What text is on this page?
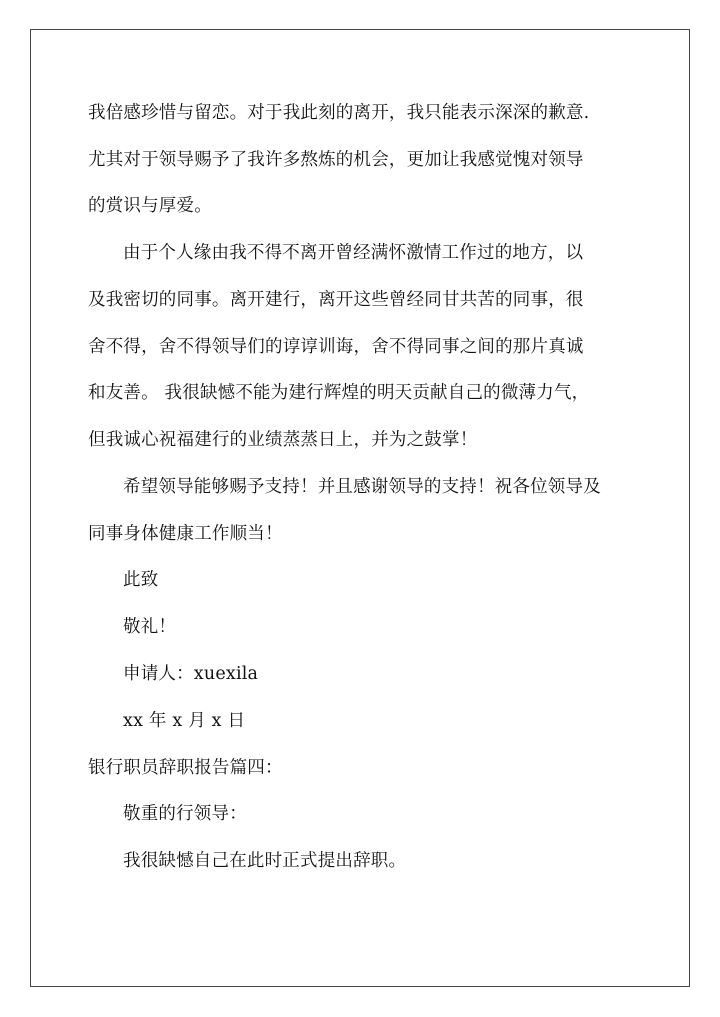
我倍感珍惜与留恋。对于我此刻的离开，我只能表示深深的歉意.
尤其对于领导赐予了我许多熬炼的机会，更加让我感觉愧对领导
的赏识与厚爱。
由于个人缘由我不得不离开曾经满怀激情工作过的地方，以
及我密切的同事。离开建行，离开这些曾经同甘共苦的同事，很
舍不得，舍不得领导们的谆谆训诲，舍不得同事之间的那片真诚
和友善。 我很缺憾不能为建行辉煌的明天贡献自己的微薄力气，
但我诚心祝福建行的业绩蒸蒸日上，并为之鼓掌！
希望领导能够赐予支持！并且感谢领导的支持！祝各位领导及
同事身体健康工作顺当！
此致
敬礼！
申请人：xuexila
xx 年 x 月 x 日
银行职员辞职报告篇四：
敬重的行领导：
我很缺憾自己在此时正式提出辞职。
